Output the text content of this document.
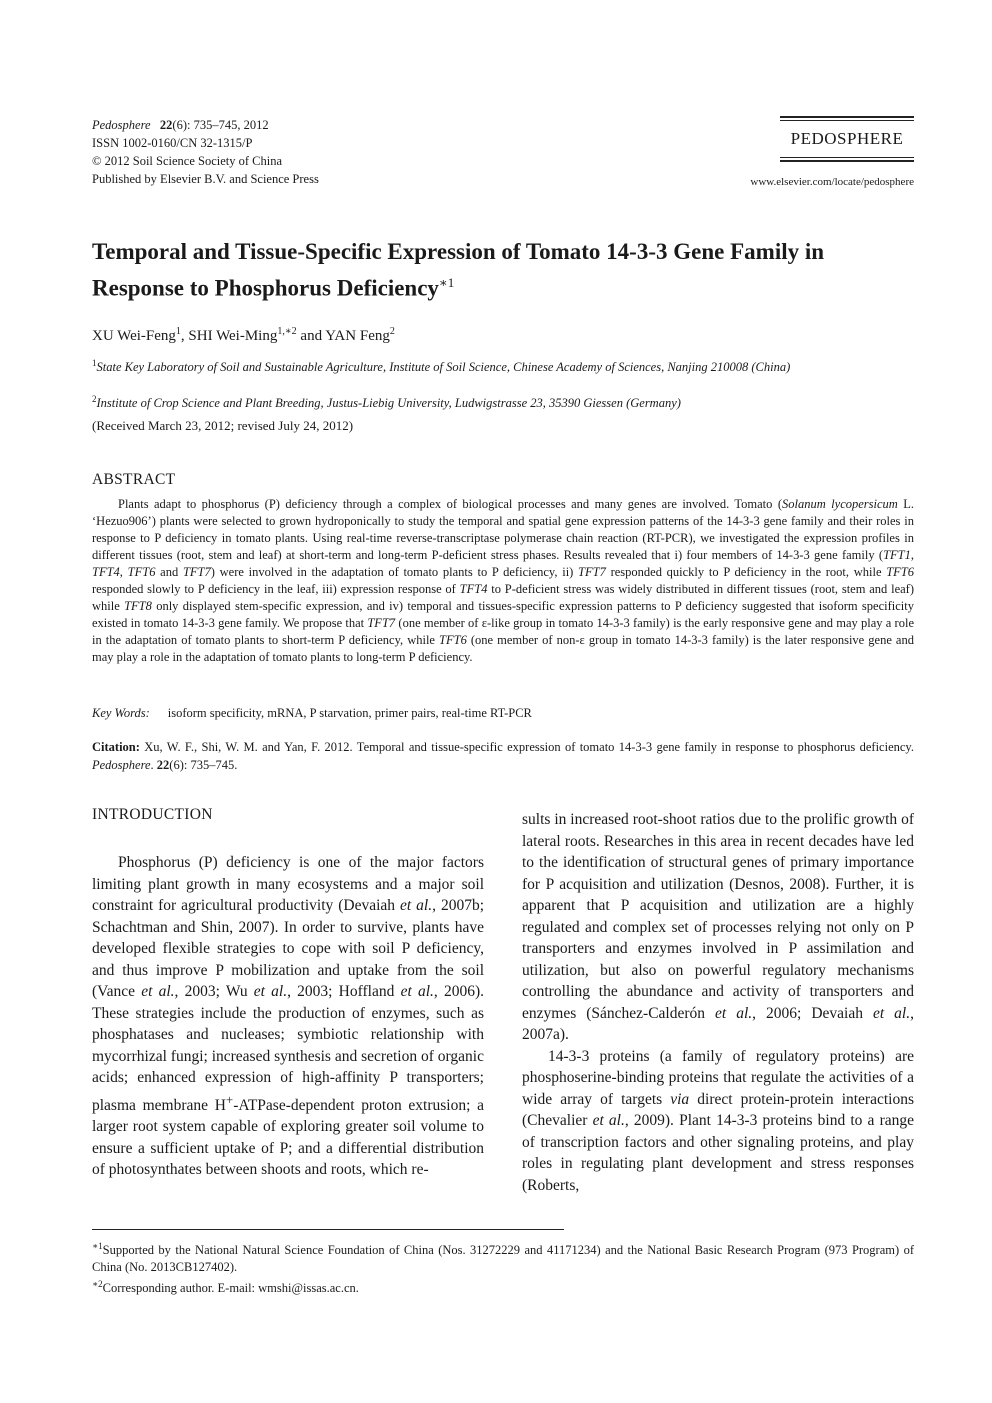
Pedosphere 22(6): 735–745, 2012
ISSN 1002-0160/CN 32-1315/P
© 2012 Soil Science Society of China
Published by Elsevier B.V. and Science Press
PEDOSPHERE
www.elsevier.com/locate/pedosphere
Temporal and Tissue-Specific Expression of Tomato 14-3-3 Gene Family in Response to Phosphorus Deficiency$^{∗1}$
XU Wei-Feng$^1$, SHI Wei-Ming$^{1,∗2}$ and YAN Feng$^2$
$^1$State Key Laboratory of Soil and Sustainable Agriculture, Institute of Soil Science, Chinese Academy of Sciences, Nanjing 210008 (China)
$^2$Institute of Crop Science and Plant Breeding, Justus-Liebig University, Ludwigstrasse 23, 35390 Giessen (Germany)
(Received March 23, 2012; revised July 24, 2012)
ABSTRACT
Plants adapt to phosphorus (P) deficiency through a complex of biological processes and many genes are involved. Tomato (Solanum lycopersicum L. ‘Hezuo906’) plants were selected to grown hydroponically to study the temporal and spatial gene expression patterns of the 14-3-3 gene family and their roles in response to P deficiency in tomato plants. Using real-time reverse-transcriptase polymerase chain reaction (RT-PCR), we investigated the expression profiles in different tissues (root, stem and leaf) at short-term and long-term P-deficient stress phases. Results revealed that i) four members of 14-3-3 gene family (TFT1, TFT4, TFT6 and TFT7) were involved in the adaptation of tomato plants to P deficiency, ii) TFT7 responded quickly to P deficiency in the root, while TFT6 responded slowly to P deficiency in the leaf, iii) expression response of TFT4 to P-deficient stress was widely distributed in different tissues (root, stem and leaf) while TFT8 only displayed stem-specific expression, and iv) temporal and tissues-specific expression patterns to P deficiency suggested that isoform specificity existed in tomato 14-3-3 gene family. We propose that TFT7 (one member of ε-like group in tomato 14-3-3 family) is the early responsive gene and may play a role in the adaptation of tomato plants to short-term P deficiency, while TFT6 (one member of non-ε group in tomato 14-3-3 family) is the later responsive gene and may play a role in the adaptation of tomato plants to long-term P deficiency.
Key Words: isoform specificity, mRNA, P starvation, primer pairs, real-time RT-PCR
Citation: Xu, W. F., Shi, W. M. and Yan, F. 2012. Temporal and tissue-specific expression of tomato 14-3-3 gene family in response to phosphorus deficiency. Pedosphere. 22(6): 735–745.
INTRODUCTION

Phosphorus (P) deficiency is one of the major factors limiting plant growth in many ecosystems and a major soil constraint for agricultural productivity (Devaiah et al., 2007b; Schachtman and Shin, 2007). In order to survive, plants have developed flexible strategies to cope with soil P deficiency, and thus improve P mobilization and uptake from the soil (Vance et al., 2003; Wu et al., 2003; Hoffland et al., 2006). These strategies include the production of enzymes, such as phosphatases and nucleases; symbiotic relationship with mycorrhizal fungi; increased synthesis and secretion of organic acids; enhanced expression of high-affinity P transporters; plasma membrane H+-ATPase-dependent proton extrusion; a larger root system capable of exploring greater soil volume to ensure a sufficient uptake of P; and a differential distribution of photosynthates between shoots and roots, which re-

sults in increased root-shoot ratios due to the prolific growth of lateral roots. Researches in this area in recent decades have led to the identification of structural genes of primary importance for P acquisition and utilization (Desnos, 2008). Further, it is apparent that P acquisition and utilization are a highly regulated and complex set of processes relying not only on P transporters and enzymes involved in P assimilation and utilization, but also on powerful regulatory mechanisms controlling the abundance and activity of transporters and enzymes (Sánchez-Calderón et al., 2006; Devaiah et al., 2007a).

14-3-3 proteins (a family of regulatory proteins) are phosphoserine-binding proteins that regulate the activities of a wide array of targets via direct protein-protein interactions (Chevalier et al., 2009). Plant 14-3-3 proteins bind to a range of transcription factors and other signaling proteins, and play roles in regulating plant development and stress responses (Roberts,

$^{∗1}$Supported by the National Natural Science Foundation of China (Nos. 31272229 and 41171234) and the National Basic Research Program (973 Program) of China (No. 2013CB127402).
$^{∗2}$Corresponding author. E-mail: wmshi@issas.ac.cn.
